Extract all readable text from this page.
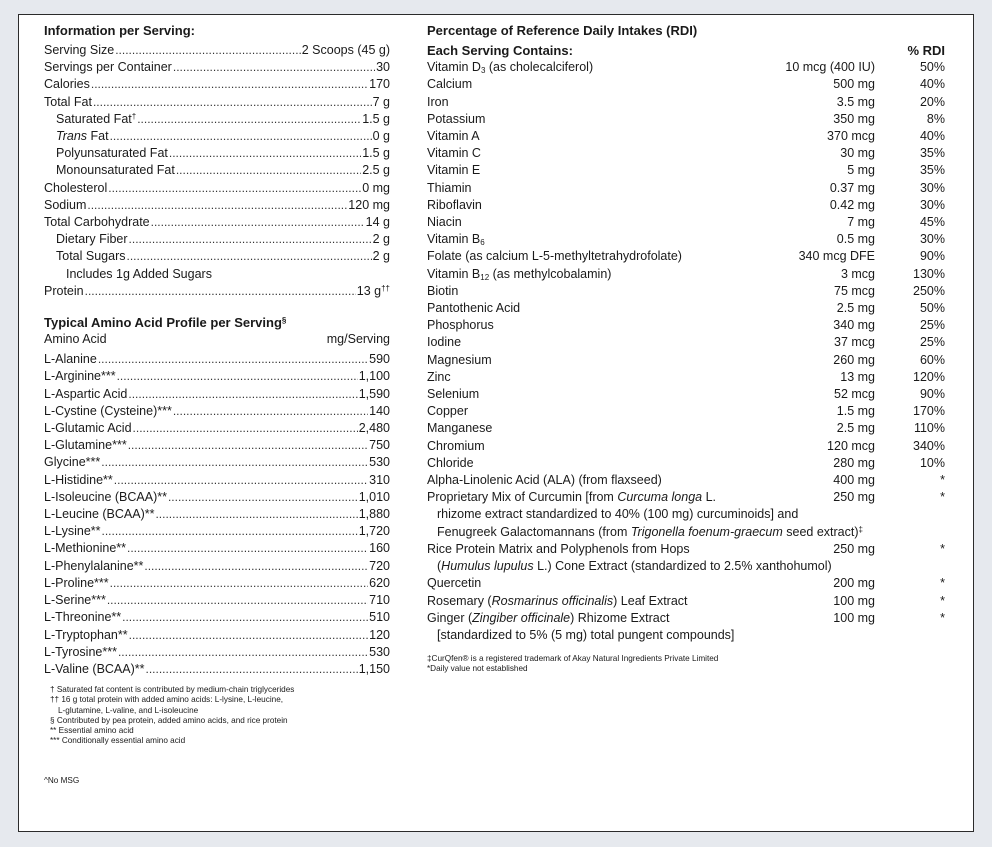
Information per Serving:
Serving Size .....	2 Scoops (45 g)
Servings per Container .....	30
Calories .....	170
Total Fat .....	7 g
Saturated Fat† .....	1.5 g
Trans Fat .....	0 g
Polyunsaturated Fat .....	1.5 g
Monounsaturated Fat .....	2.5 g
Cholesterol .....	0 mg
Sodium .....	120 mg
Total Carbohydrate .....	14 g
Dietary Fiber .....	2 g
Total Sugars .....	2 g
Includes 1g Added Sugars
Protein .....	13 g††
Typical Amino Acid Profile per Serving§
Amino Acid	mg/Serving
L-Alanine .....	590
L-Arginine*** .....	1,100
L-Aspartic Acid .....	1,590
L-Cystine (Cysteine)*** .....	140
L-Glutamic Acid .....	2,480
L-Glutamine*** .....	750
Glycine*** .....	530
L-Histidine** .....	310
L-Isoleucine (BCAA)** .....	1,010
L-Leucine (BCAA)** .....	1,880
L-Lysine** .....	1,720
L-Methionine** .....	160
L-Phenylalanine** .....	720
L-Proline*** .....	620
L-Serine*** .....	710
L-Threonine** .....	510
L-Tryptophan** .....	120
L-Tyrosine*** .....	530
L-Valine (BCAA)** .....	1,150
† Saturated fat content is contributed by medium-chain triglycerides
†† 16 g total protein with added amino acids: L-lysine, L-leucine,
L-glutamine, L-valine, and L-isoleucine
§ Contributed by pea protein, added amino acids, and rice protein
** Essential amino acid
*** Conditionally essential amino acid
^No MSG
Percentage of Reference Daily Intakes (RDI)
Each Serving Contains:	% RDI
Vitamin $D_3$ (as cholecalciferol)	10 mcg (400 IU)	50%
Calcium	500 mg	40%
Iron	3.5 mg	20%
Potassium	350 mg	8%
Vitamin A	370 mcg	40%
Vitamin C	30 mg	35%
Vitamin E	5 mg	35%
Thiamin	0.37 mg	30%
Riboflavin	0.42 mg	30%
Niacin	7 mg	45%
Vitamin $B_6$	0.5 mg	30%
Folate (as calcium L-5-methyltetrahydrofolate)	340 mcg DFE	90%
Vitamin $B_{12}$ (as methylcobalamin)	3 mcg	130%
Biotin	75 mcg	250%
Pantothenic Acid	2.5 mg	50%
Phosphorus	340 mg	25%
Iodine	37 mcg	25%
Magnesium	260 mg	60%
Zinc	13 mg	120%
Selenium	52 mcg	90%
Copper	1.5 mg	170%
Manganese	2.5 mg	110%
Chromium	120 mcg	340%
Chloride	280 mg	10%
Alpha-Linolenic Acid (ALA) (from flaxseed)	400 mg	*
Proprietary Mix of Curcumin [from Curcuma longa L.	250 mg	*
rhizome extract standardized to 40% (100 mg) curcuminoids] and
Fenugreek Galactomannans (from Trigonella foenum-graecum seed extract)‡
Rice Protein Matrix and Polyphenols from Hops	250 mg	*
(Humulus lupulus L.) Cone Extract (standardized to 2.5% xanthohumol)
Quercetin	200 mg	*
Rosemary (Rosmarinus officinalis) Leaf Extract	100 mg	*
Ginger (Zingiber officinale) Rhizome Extract	100 mg	*
[standardized to 5% (5 mg) total pungent compounds]
‡CurQfen® is a registered trademark of Akay Natural Ingredients Private Limited
*Daily value not established
